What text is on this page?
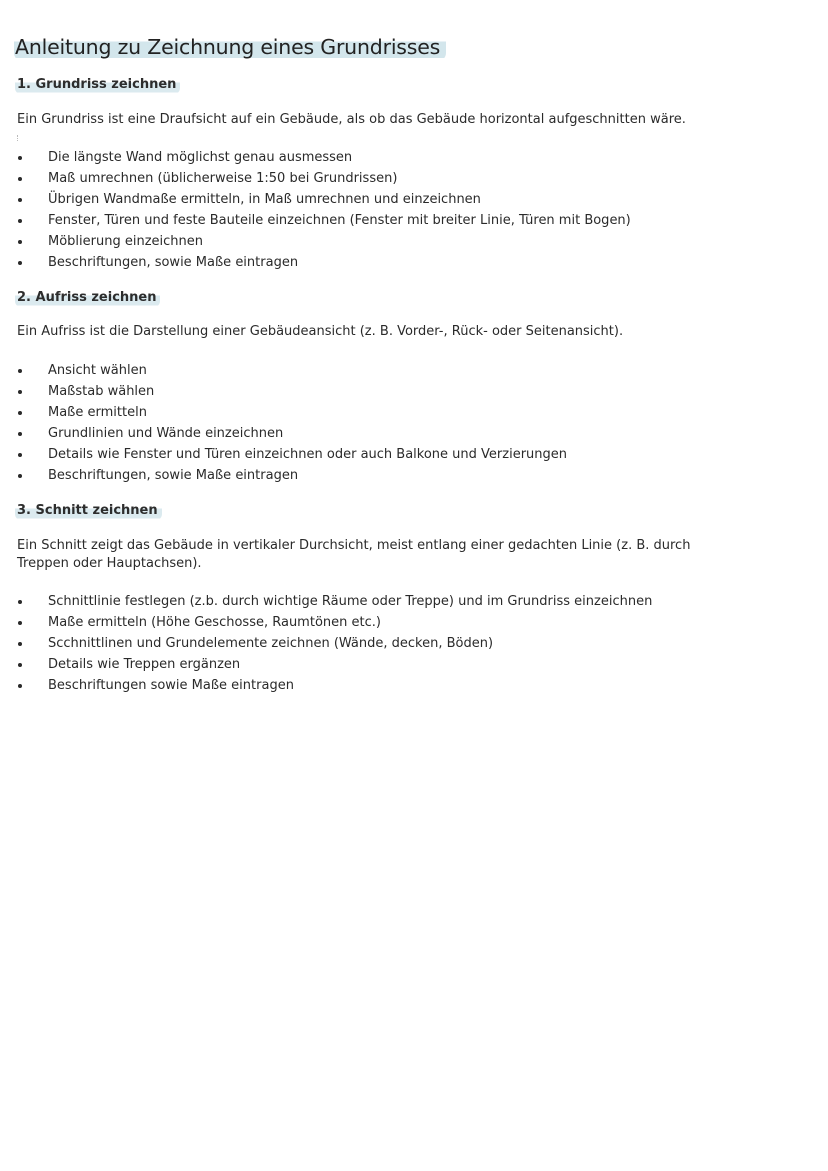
Anleitung zu Zeichnung eines Grundrisses
1. Grundriss zeichnen

Ein Grundriss ist eine Draufsicht auf ein Gebäude, als ob das Gebäude horizontal aufgeschnitten wäre.

Die längste Wand möglichst genau ausmessen
Maß umrechnen (üblicherweise 1:50 bei Grundrissen)
Übrigen Wandmaße ermitteln, in Maß umrechnen und einzeichnen
Fenster, Türen und feste Bauteile einzeichnen (Fenster mit breiter Linie, Türen mit Bogen)
Möblierung einzeichnen
Beschriftungen, sowie Maße eintragen
2. Aufriss zeichnen

Ein Aufriss ist die Darstellung einer Gebäudeansicht (z. B. Vorder-, Rück- oder Seitenansicht).

Ansicht wählen
Maßstab wählen
Maße ermitteln
Grundlinien und Wände einzeichnen
Details wie Fenster und Türen einzeichnen oder auch Balkone und Verzierungen
Beschriftungen, sowie Maße eintragen
3. Schnitt zeichnen

Ein Schnitt zeigt das Gebäude in vertikaler Durchsicht, meist entlang einer gedachten Linie (z. B. durch Treppen oder Hauptachsen).

Schnittlinie festlegen (z.b. durch wichtige Räume oder Treppe) und im Grundriss einzeichnen
Maße ermitteln (Höhe Geschosse, Raumtönen etc.)
Scchnittlinen und Grundelemente zeichnen (Wände, decken, Böden)
Details wie Treppen ergänzen
Beschriftungen sowie Maße eintragen
